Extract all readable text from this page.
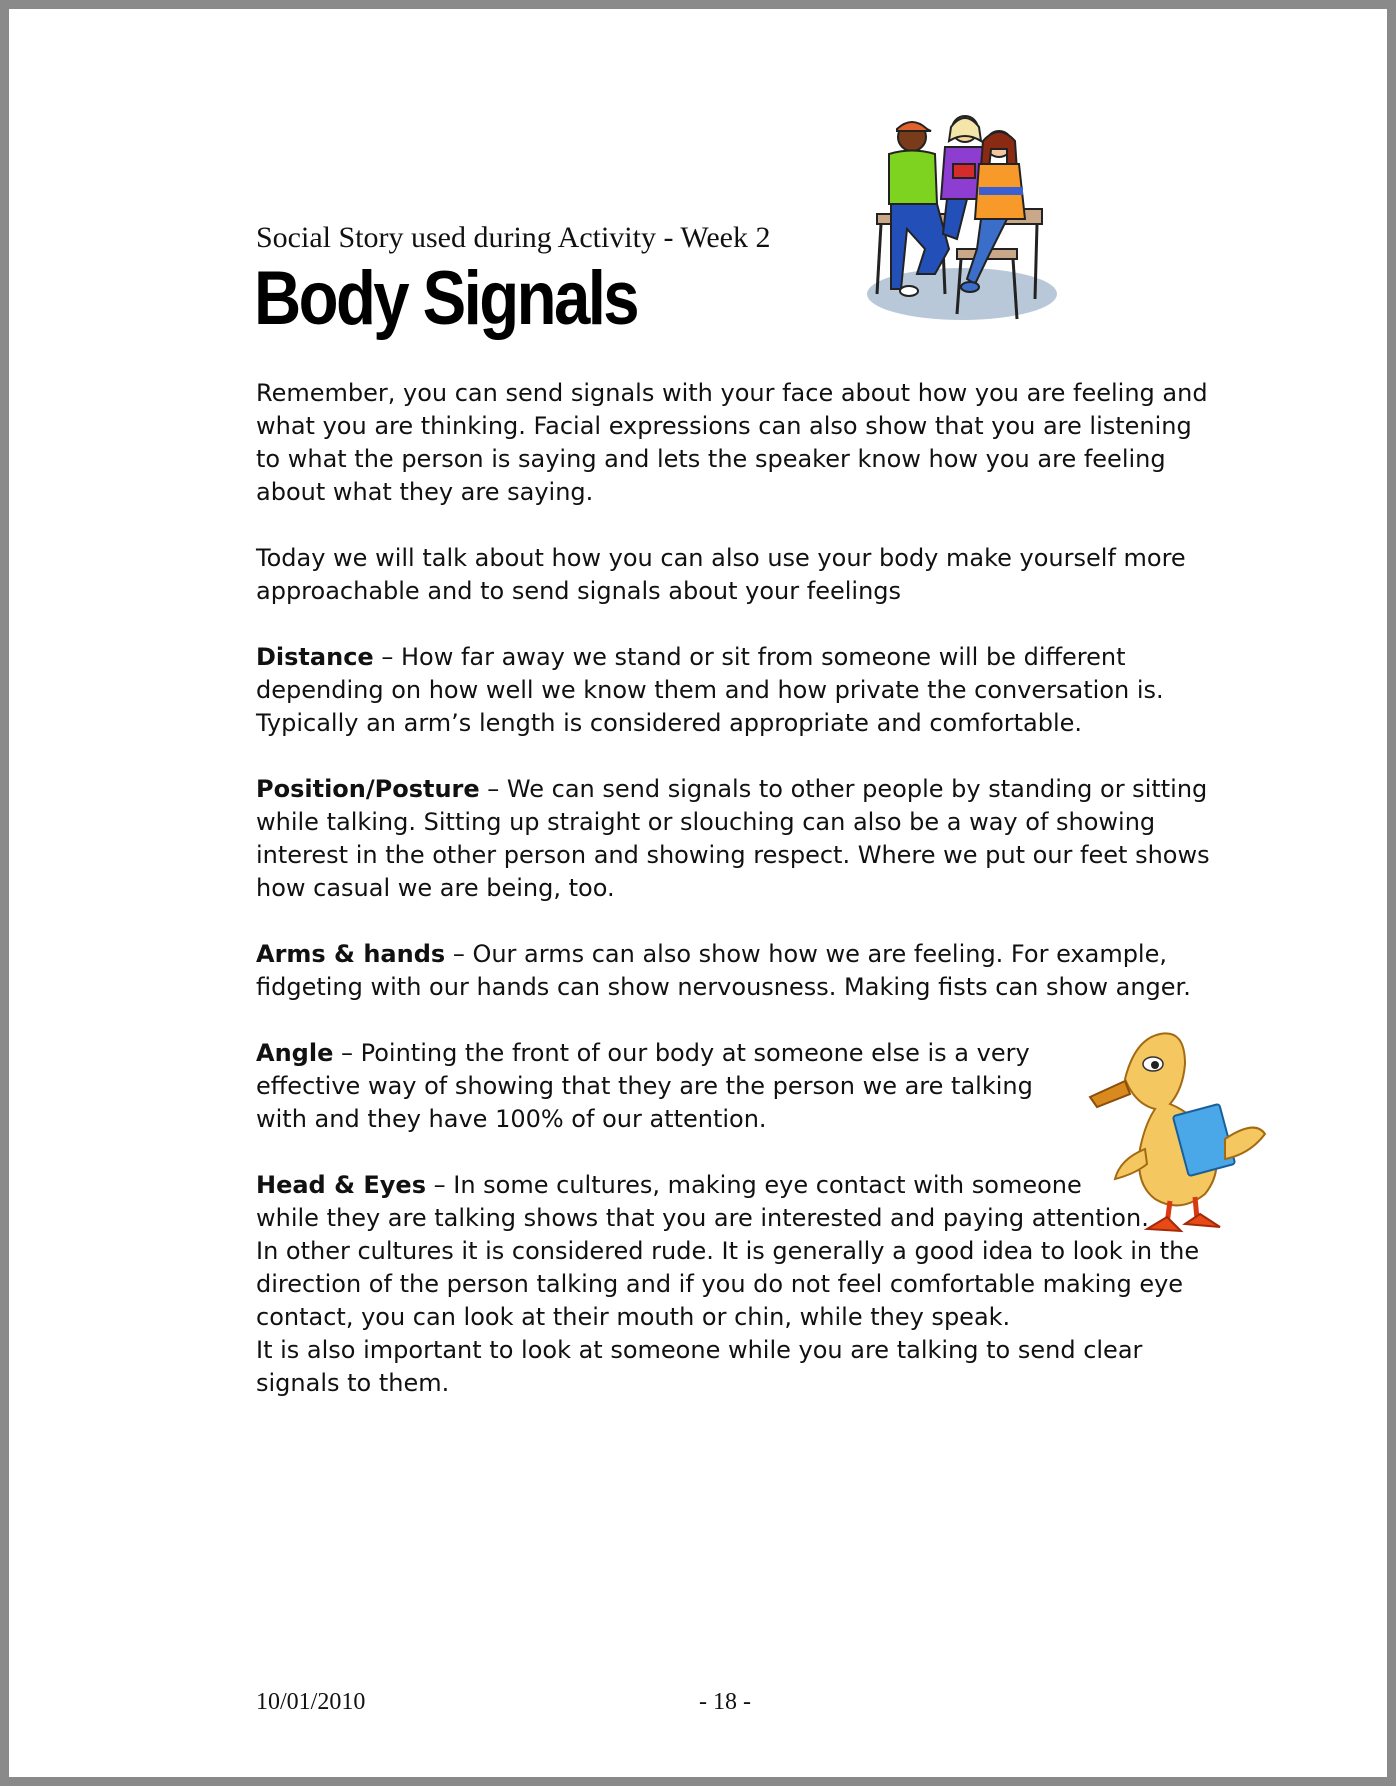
Social Story used during Activity - Week 2
Body Signals

Remember, you can send signals with your face about how you are feeling and what you are thinking. Facial expressions can also show that you are listening to what the person is saying and lets the speaker know how you are feeling about what they are saying.

Today we will talk about how you can also use your body make yourself more approachable and to send signals about your feelings

Distance – How far away we stand or sit from someone will be different depending on how well we know them and how private the conversation is. Typically an arm’s length is considered appropriate and comfortable.

Position/Posture – We can send signals to other people by standing or sitting while talking. Sitting up straight or slouching can also be a way of showing interest in the other person and showing respect. Where we put our feet shows how casual we are being, too.

Arms & hands – Our arms can also show how we are feeling. For example, fidgeting with our hands can show nervousness. Making fists can show anger.

Angle – Pointing the front of our body at someone else is a very effective way of showing that they are the person we are talking with and they have 100% of our attention.

Head & Eyes – In some cultures, making eye contact with someone
while they are talking shows that you are interested and paying attention.
In other cultures it is considered rude. It is generally a good idea to look in the direction of the person talking and if you do not feel comfortable making eye contact, you can look at their mouth or chin, while they speak.
It is also important to look at someone while you are talking to send clear signals to them.

10/01/2010	- 18 -
